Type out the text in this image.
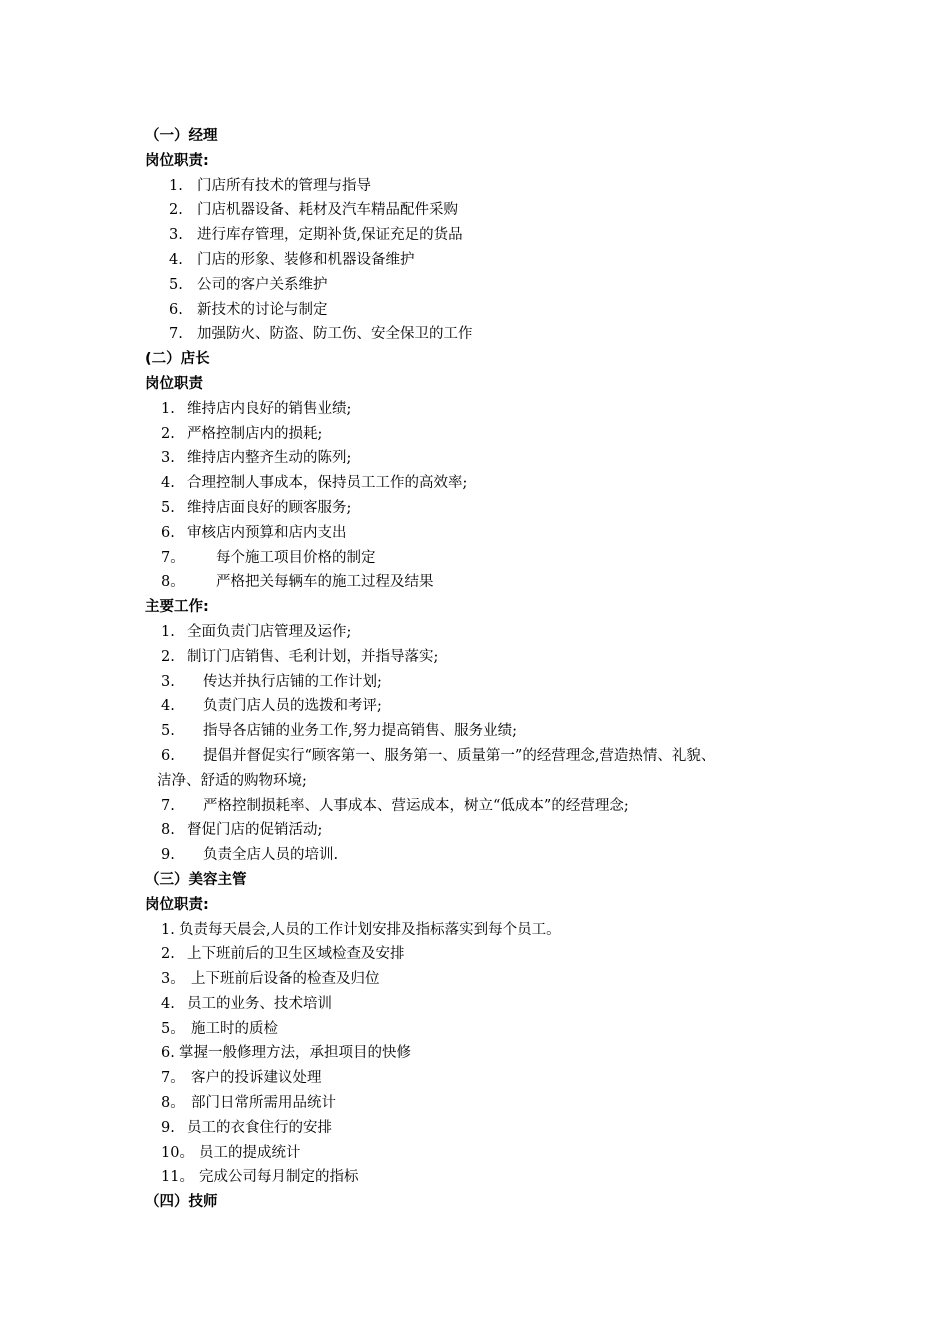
（一）经理
岗位职责:
1. 门店所有技术的管理与指导
2. 门店机器设备、耗材及汽车精品配件采购
3. 进行库存管理，定期补货,保证充足的货品
4. 门店的形象、装修和机器设备维护
5. 公司的客户关系维护
6. 新技术的讨论与制定
7. 加强防火、防盗、防工伤、安全保卫的工作
(二）店长
岗位职责
1. 维持店内良好的销售业绩;
2. 严格控制店内的损耗;
3. 维持店内整齐生动的陈列;
4. 合理控制人事成本，保持员工工作的高效率;
5. 维持店面良好的顾客服务;
6. 审核店内预算和店内支出
7。 每个施工项目价格的制定
8。 严格把关每辆车的施工过程及结果
主要工作:
1. 全面负责门店管理及运作;
2. 制订门店销售、毛利计划，并指导落实;
3. 传达并执行店铺的工作计划;
4. 负责门店人员的选拨和考评;
5. 指导各店铺的业务工作,努力提高销售、服务业绩;
6. 提倡并督促实行“顾客第一、服务第一、质量第一”的经营理念,营造热情、礼貌、
洁净、舒适的购物环境;
7. 严格控制损耗率、人事成本、营运成本，树立“低成本”的经营理念;
8. 督促门店的促销活动;
9. 负责全店人员的培训.
（三）美容主管
岗位职责:
1. 负责每天晨会,人员的工作计划安排及指标落实到每个员工。
2. 上下班前后的卫生区域检查及安排
3。 上下班前后设备的检查及归位
4. 员工的业务、技术培训
5。 施工时的质检
6. 掌握一般修理方法，承担项目的快修
7。 客户的投诉建议处理
8。 部门日常所需用品统计
9. 员工的衣食住行的安排
10。 员工的提成统计
11。 完成公司每月制定的指标
（四）技师
